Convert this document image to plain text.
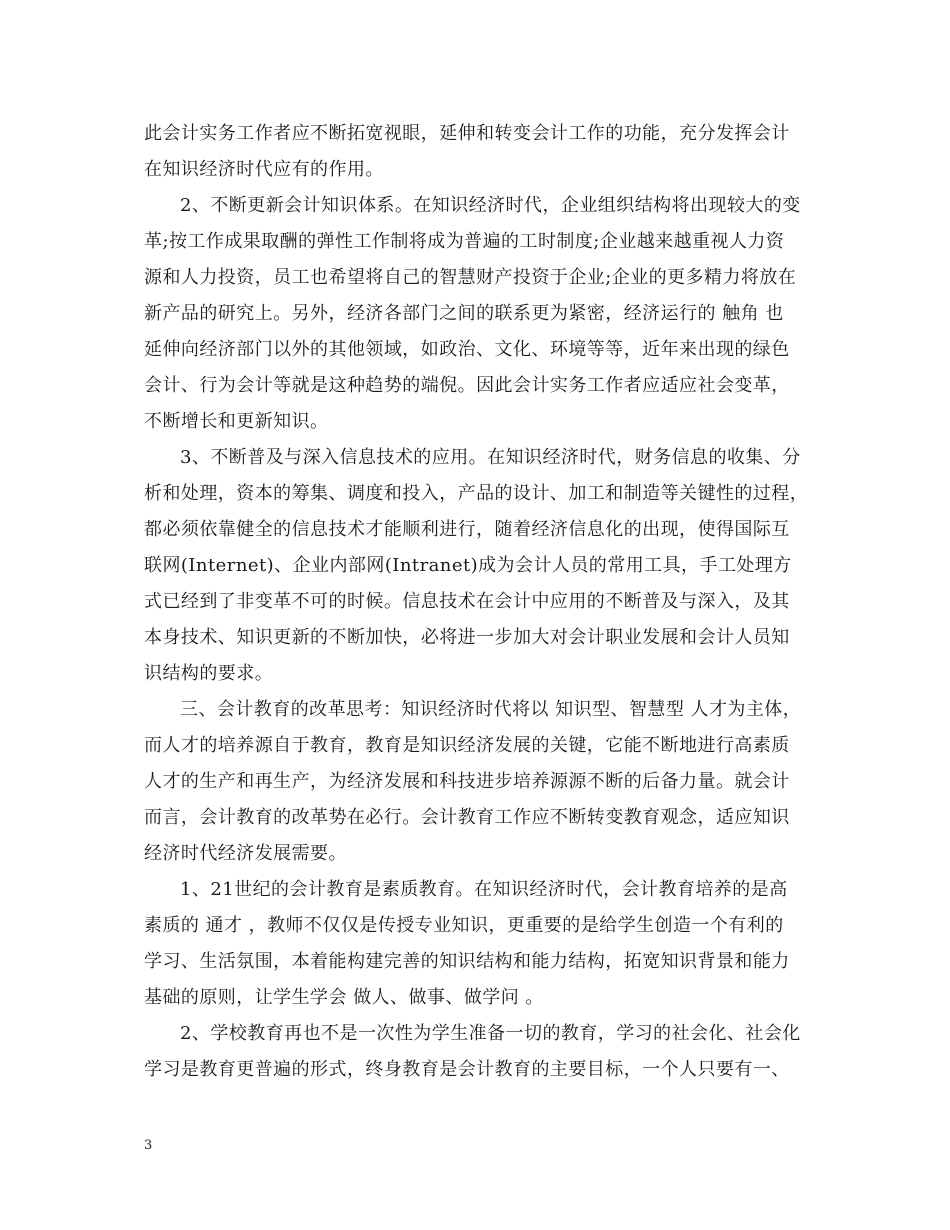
此会计实务工作者应不断拓宽视眼，延伸和转变会计工作的功能，充分发挥会计
在知识经济时代应有的作用。
2、不断更新会计知识体系。在知识经济时代，企业组织结构将出现较大的变
革;按工作成果取酬的弹性工作制将成为普遍的工时制度;企业越来越重视人力资
源和人力投资，员工也希望将自己的智慧财产投资于企业;企业的更多精力将放在
新产品的研究上。另外，经济各部门之间的联系更为紧密，经济运行的 触角 也
延伸向经济部门以外的其他领域，如政治、文化、环境等等，近年来出现的绿色
会计、行为会计等就是这种趋势的端倪。因此会计实务工作者应适应社会变革，
不断增长和更新知识。
3、不断普及与深入信息技术的应用。在知识经济时代，财务信息的收集、分
析和处理，资本的筹集、调度和投入，产品的设计、加工和制造等关键性的过程，
都必须依靠健全的信息技术才能顺利进行，随着经济信息化的出现，使得国际互
联网(Internet)、企业内部网(Intranet)成为会计人员的常用工具，手工处理方
式已经到了非变革不可的时候。信息技术在会计中应用的不断普及与深入，及其
本身技术、知识更新的不断加快，必将进一步加大对会计职业发展和会计人员知
识结构的要求。
三、会计教育的改革思考：知识经济时代将以 知识型、智慧型 人才为主体，
而人才的培养源自于教育，教育是知识经济发展的关键，它能不断地进行高素质
人才的生产和再生产，为经济发展和科技进步培养源源不断的后备力量。就会计
而言，会计教育的改革势在必行。会计教育工作应不断转变教育观念，适应知识
经济时代经济发展需要。
1、21世纪的会计教育是素质教育。在知识经济时代，会计教育培养的是高
素质的 通才 ，教师不仅仅是传授专业知识，更重要的是给学生创造一个有利的
学习、生活氛围，本着能构建完善的知识结构和能力结构，拓宽知识背景和能力
基础的原则，让学生学会 做人、做事、做学问 。
2、学校教育再也不是一次性为学生准备一切的教育，学习的社会化、社会化
学习是教育更普遍的形式，终身教育是会计教育的主要目标，一个人只要有一、
3
